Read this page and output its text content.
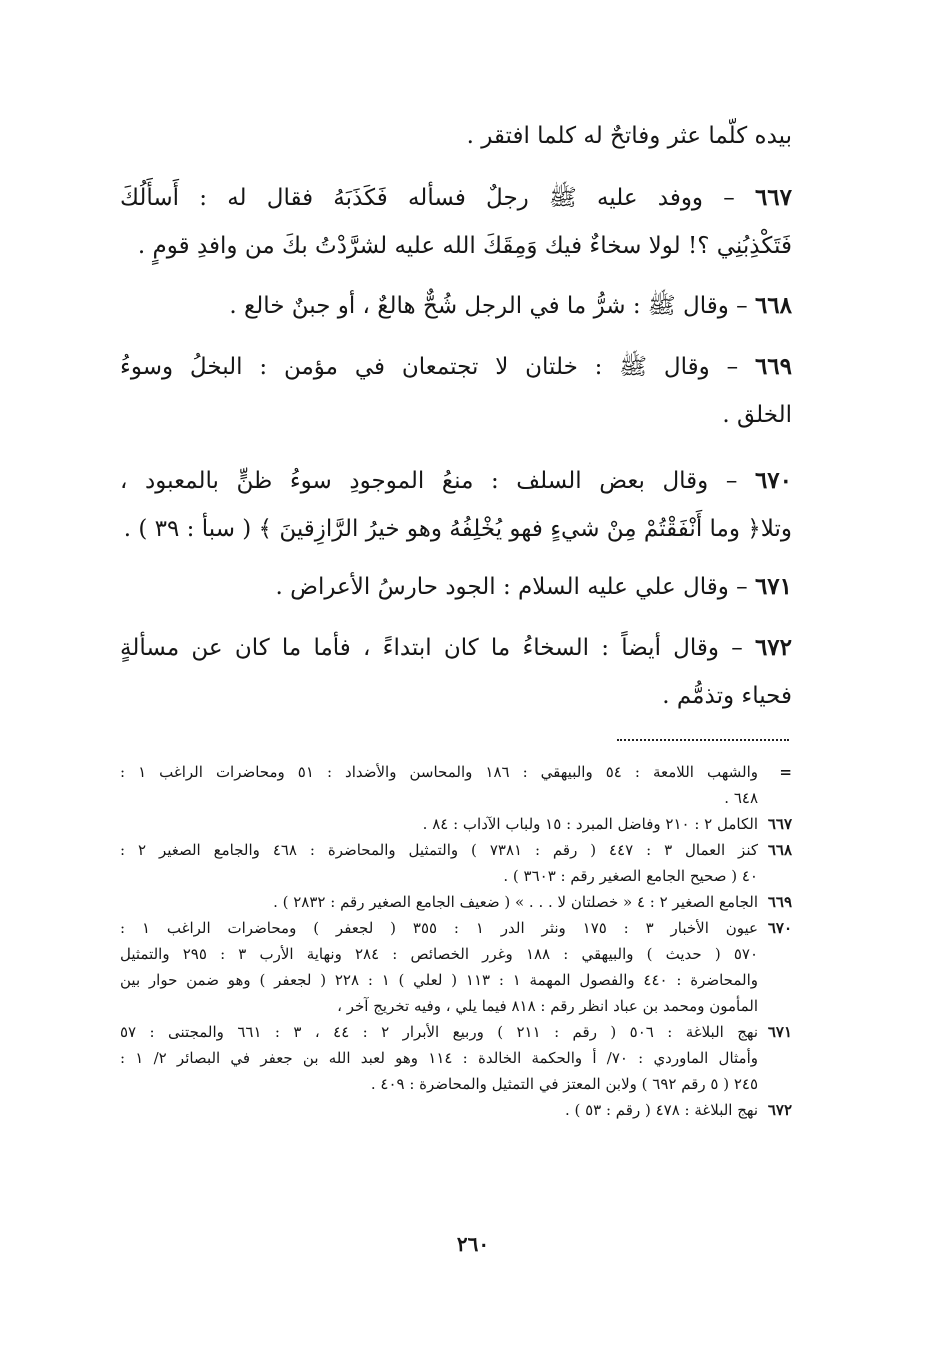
بيده كلّما عثر وفاتحٌ له كلما افتقر .

٦٦٧ – ووفد عليه ﷺ رجلٌ فسأله فَكَذَبَهُ فقال له : أَسأَلُكَ
فَتَكْذِبُنِي ؟! لولا سخاءٌ فيك وَمِقَكَ الله عليه لشرَّدْتُ بكَ من وافدِ قومٍ .

٦٦٨ – وقال ﷺ : شرُّ ما في الرجل شُحٌّ هالعٌ ، أو جبنٌ خالع .

٦٦٩ – وقال ﷺ : خلتان لا تجتمعان في مؤمن : البخلُ وسوءُ
الخلق .

٦٧٠ – وقال بعض السلف : منعُ الموجودِ سوءُ ظنٍّ بالمعبود ،
وتلا﴿ وما أَنْفَقْتُمْ مِنْ شيءٍ فهو يُخْلِفُهُ وهو خيرُ الرَّازِقينَ ﴾ ( سبأ : ٣٩ ) .

٦٧١ – وقال علي عليه السلام : الجود حارسُ الأعراض .

٦٧٢ – وقال أيضاً : السخاءُ ما كان ابتداءً ، فأما ما كان عن مسألةٍ
فحياء وتذمُّم .

=
والشهب اللامعة : ٥٤ والبيهقي : ١٨٦ والمحاسن والأضداد : ٥١ ومحاضرات الراغب ١ :
٦٤٨ .
٦٦٧
الكامل ٢ : ٢١٠ وفاضل المبرد : ١٥ ولباب الآداب : ٨٤ .
٦٦٨
كنز العمال ٣ : ٤٤٧ ( رقم : ٧٣٨١ ) والتمثيل والمحاضرة : ٤٦٨ والجامع الصغير ٢ :
٤٠ ( صحيح الجامع الصغير رقم : ٣٦٠٣ ) .
٦٦٩
الجامع الصغير ٢ : ٤ « خصلتان لا . . . » ( ضعيف الجامع الصغير رقم : ٢٨٣٢ ) .
٦٧٠
عيون الأخبار ٣ : ١٧٥ ونثر الدر ١ : ٣٥٥ ( لجعفر ) ومحاضرات الراغب ١ :
٥٧٠ ( حديث ) والبيهقي : ١٨٨ وغرر الخصائص : ٢٨٤ ونهاية الأرب ٣ : ٢٩٥ والتمثيل
والمحاضرة : ٤٤٠ والفصول المهمة ١ : ١١٣ ( لعلي ) ١ : ٢٢٨ ( لجعفر ) وهو ضمن حوار بين
المأمون ومحمد بن عباد انظر رقم : ٨١٨ فيما يلي ، وفيه تخريج آخر ،
٦٧١
نهج البلاغة : ٥٠٦ ( رقم : ٢١١ ) وربيع الأبرار ٢ : ٤٤ ، ٣ : ٦٦١ والمجتنى : ٥٧
وأمثال الماوردي : ٧٠/ أ والحكمة الخالدة : ١١٤ وهو لعبد الله بن جعفر في البصائر ٢/ ١ :
٢٤٥ ( ٥ رقم ٦٩٢ ) ولابن المعتز في التمثيل والمحاضرة : ٤٠٩ .
٦٧٢
نهج البلاغة : ٤٧٨ ( رقم : ٥٣ ) .
٢٦٠
